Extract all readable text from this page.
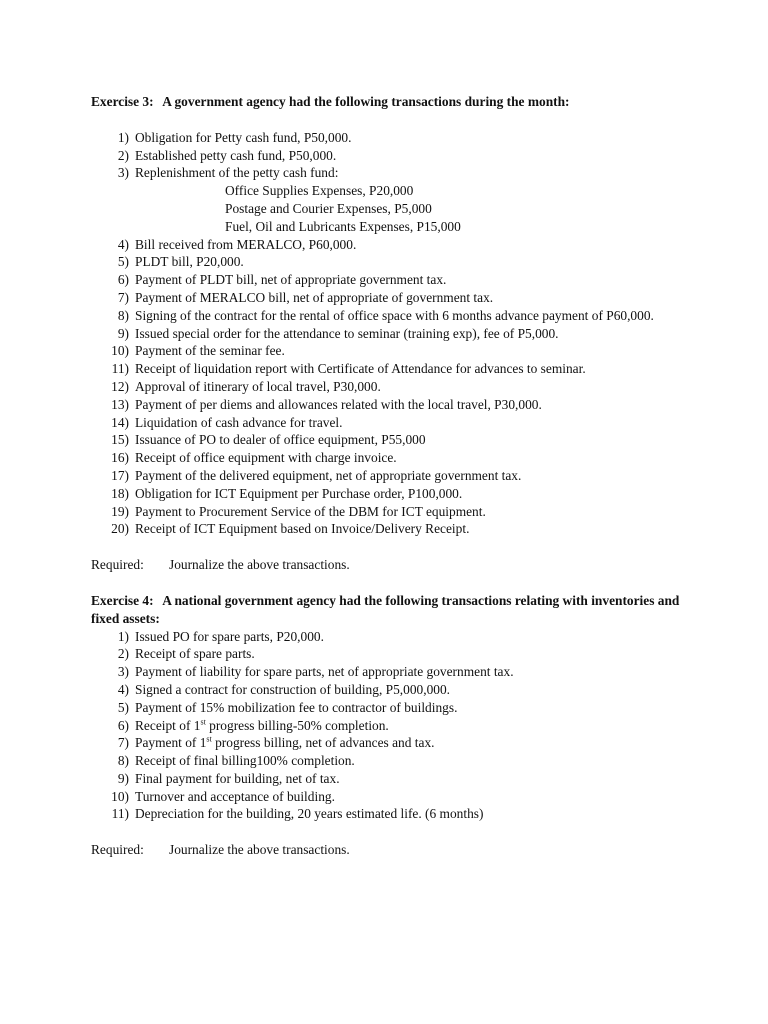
Exercise 3: A government agency had the following transactions during the month:

1) Obligation for Petty cash fund, P50,000.
2) Established petty cash fund, P50,000.
3) Replenishment of the petty cash fund:
Office Supplies Expenses, P20,000
Postage and Courier Expenses, P5,000
Fuel, Oil and Lubricants Expenses, P15,000
4) Bill received from MERALCO, P60,000.
5) PLDT bill, P20,000.
6) Payment of PLDT bill, net of appropriate government tax.
7) Payment of MERALCO bill, net of appropriate of government tax.
8) Signing of the contract for the rental of office space with 6 months advance payment of P60,000.
9) Issued special order for the attendance to seminar (training exp), fee of P5,000.
10) Payment of the seminar fee.
11) Receipt of liquidation report with Certificate of Attendance for advances to seminar.
12) Approval of itinerary of local travel, P30,000.
13) Payment of per diems and allowances related with the local travel, P30,000.
14) Liquidation of cash advance for travel.
15) Issuance of PO to dealer of office equipment, P55,000
16) Receipt of office equipment with charge invoice.
17) Payment of the delivered equipment, net of appropriate government tax.
18) Obligation for ICT Equipment per Purchase order, P100,000.
19) Payment to Procurement Service of the DBM for ICT equipment.
20) Receipt of ICT Equipment based on Invoice/Delivery Receipt.

Required: Journalize the above transactions.

Exercise 4: A national government agency had the following transactions relating with inventories and fixed assets:

1) Issued PO for spare parts, P20,000.
2) Receipt of spare parts.
3) Payment of liability for spare parts, net of appropriate government tax.
4) Signed a contract for construction of building, P5,000,000.
5) Payment of 15% mobilization fee to contractor of buildings.
6) Receipt of 1st progress billing-50% completion.
7) Payment of 1st progress billing, net of advances and tax.
8) Receipt of final billing100% completion.
9) Final payment for building, net of tax.
10) Turnover and acceptance of building.
11) Depreciation for the building, 20 years estimated life. (6 months)

Required: Journalize the above transactions.
